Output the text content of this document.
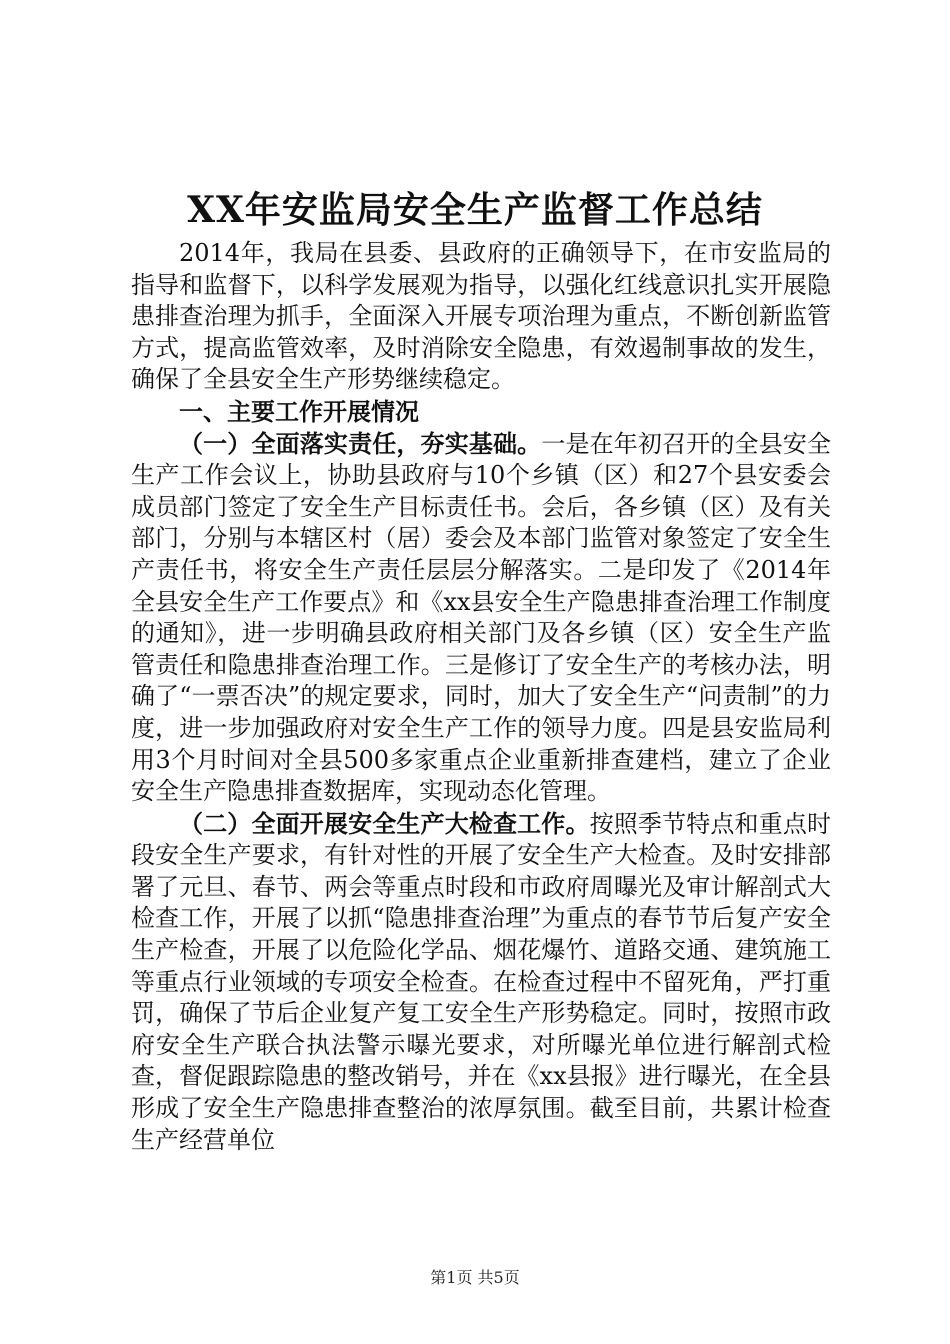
XX年安监局安全生产监督工作总结

2014年，我局在县委、县政府的正确领导下，在市安监局的指导和监督下，以科学发展观为指导，以强化红线意识扎实开展隐患排查治理为抓手，全面深入开展专项治理为重点，不断创新监管方式，提高监管效率，及时消除安全隐患，有效遏制事故的发生，确保了全县安全生产形势继续稳定。

一、主要工作开展情况

（一）全面落实责任，夯实基础。一是在年初召开的全县安全生产工作会议上，协助县政府与10个乡镇（区）和27个县安委会成员部门签定了安全生产目标责任书。会后，各乡镇（区）及有关部门，分别与本辖区村（居）委会及本部门监管对象签定了安全生产责任书，将安全生产责任层层分解落实。二是印发了《2014年全县安全生产工作要点》和《xx县安全生产隐患排查治理工作制度的通知》，进一步明确县政府相关部门及各乡镇（区）安全生产监管责任和隐患排查治理工作。三是修订了安全生产的考核办法，明确了“一票否决”的规定要求，同时，加大了安全生产“问责制”的力度，进一步加强政府对安全生产工作的领导力度。四是县安监局利用3个月时间对全县500多家重点企业重新排查建档，建立了企业安全生产隐患排查数据库，实现动态化管理。

（二）全面开展安全生产大检查工作。按照季节特点和重点时段安全生产要求，有针对性的开展了安全生产大检查。及时安排部署了元旦、春节、两会等重点时段和市政府周曝光及审计解剖式大检查工作，开展了以抓“隐患排查治理”为重点的春节节后复产安全生产检查，开展了以危险化学品、烟花爆竹、道路交通、建筑施工等重点行业领域的专项安全检查。在检查过程中不留死角，严打重罚，确保了节后企业复产复工安全生产形势稳定。同时，按照市政府安全生产联合执法警示曝光要求，对所曝光单位进行解剖式检查，督促跟踪隐患的整改销号，并在《xx县报》进行曝光，在全县形成了安全生产隐患排查整治的浓厚氛围。截至目前，共累计检查生产经营单位

第1页 共5页
